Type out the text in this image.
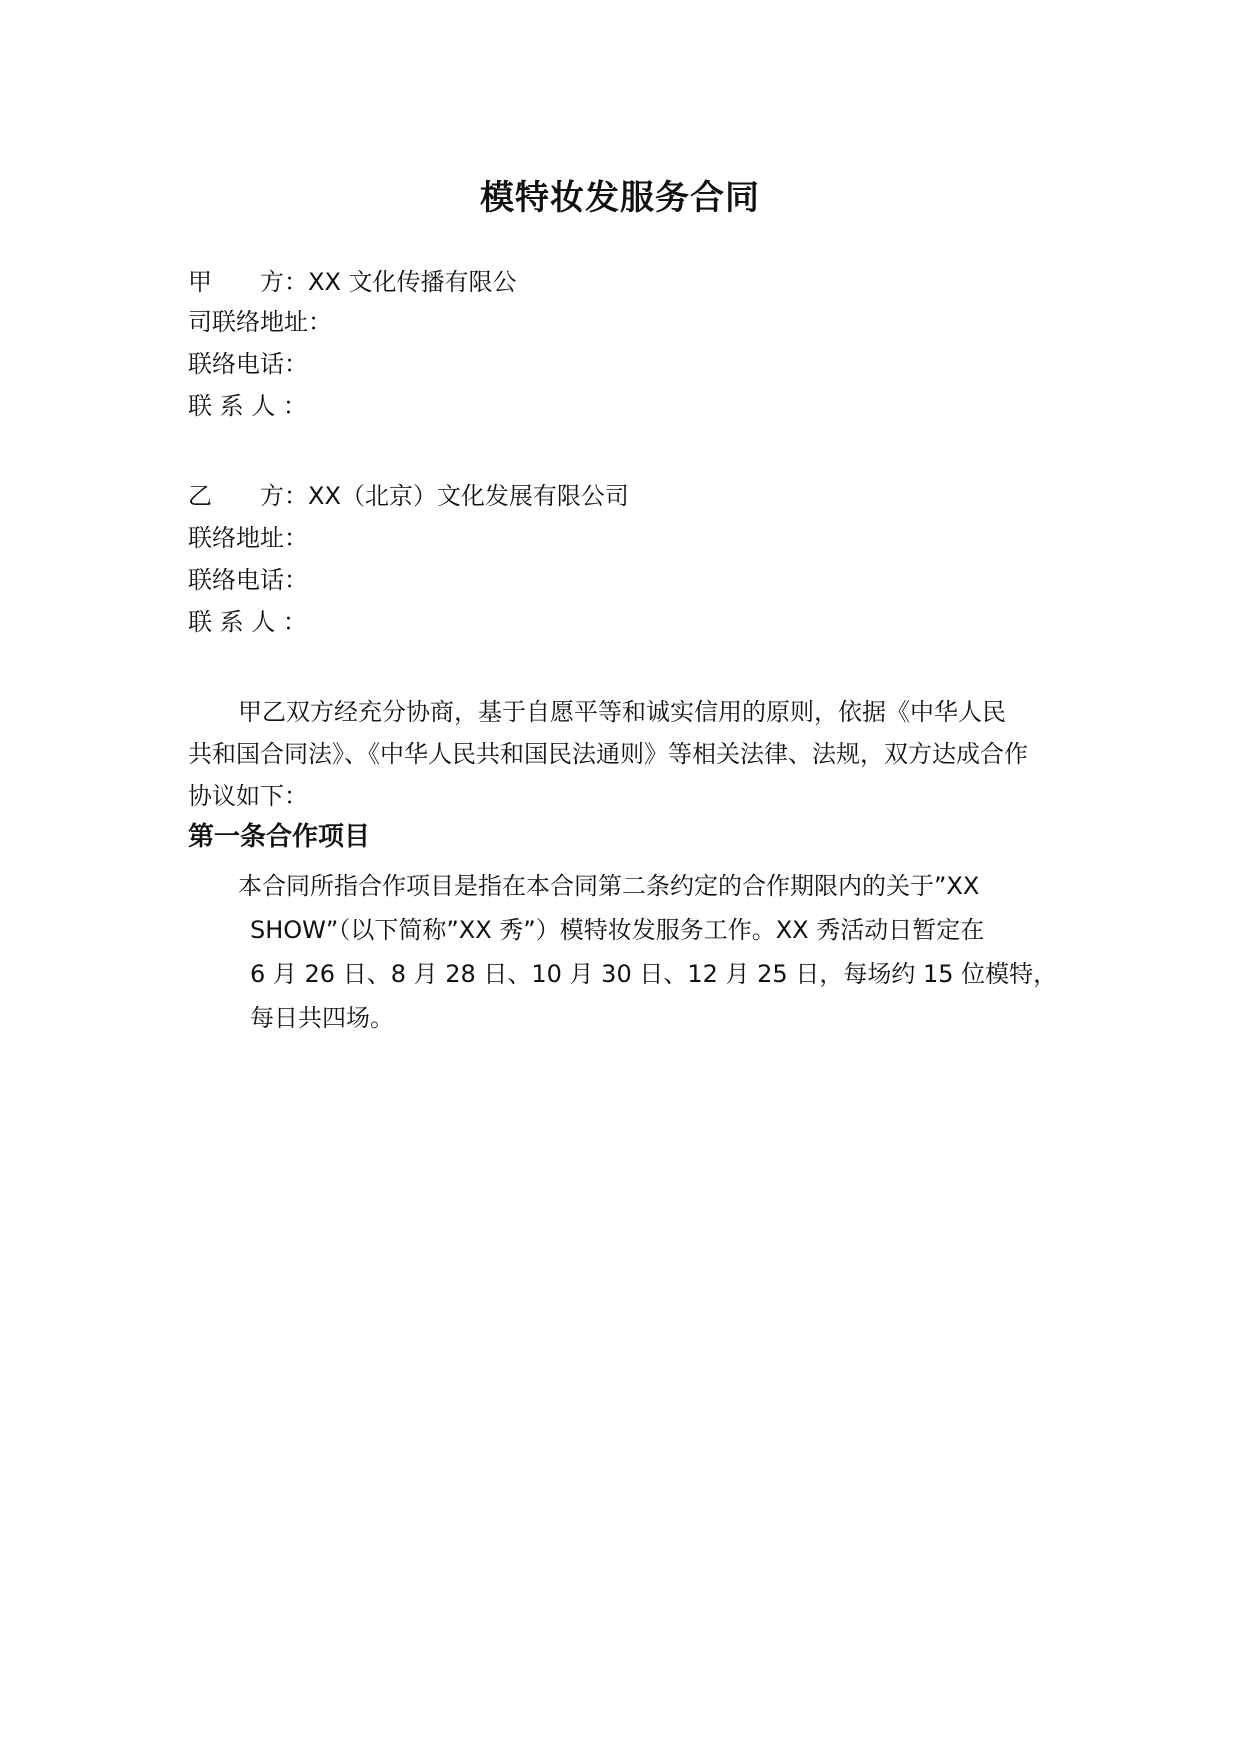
模特妆发服务合同
甲　　方：XX 文化传播有限公
司联络地址：
联络电话：
联 系 人 ：
乙　　方：XX（北京）文化发展有限公司
联络地址：
联络电话：
联 系 人 ：
甲乙双方经充分协商，基于自愿平等和诚实信用的原则，依据《中华人民
共和国合同法》、《中华人民共和国民法通则》等相关法律、法规，双方达成合作
协议如下：
第一条合作项目
本合同所指合作项目是指在本合同第二条约定的合作期限内的关于”XX
SHOW”（以下简称”XX 秀”）模特妆发服务工作。XX 秀活动日暂定在
6 月 26 日、8 月 28 日、10 月 30 日、12 月 25 日，每场约 15 位模特，
每日共四场。
